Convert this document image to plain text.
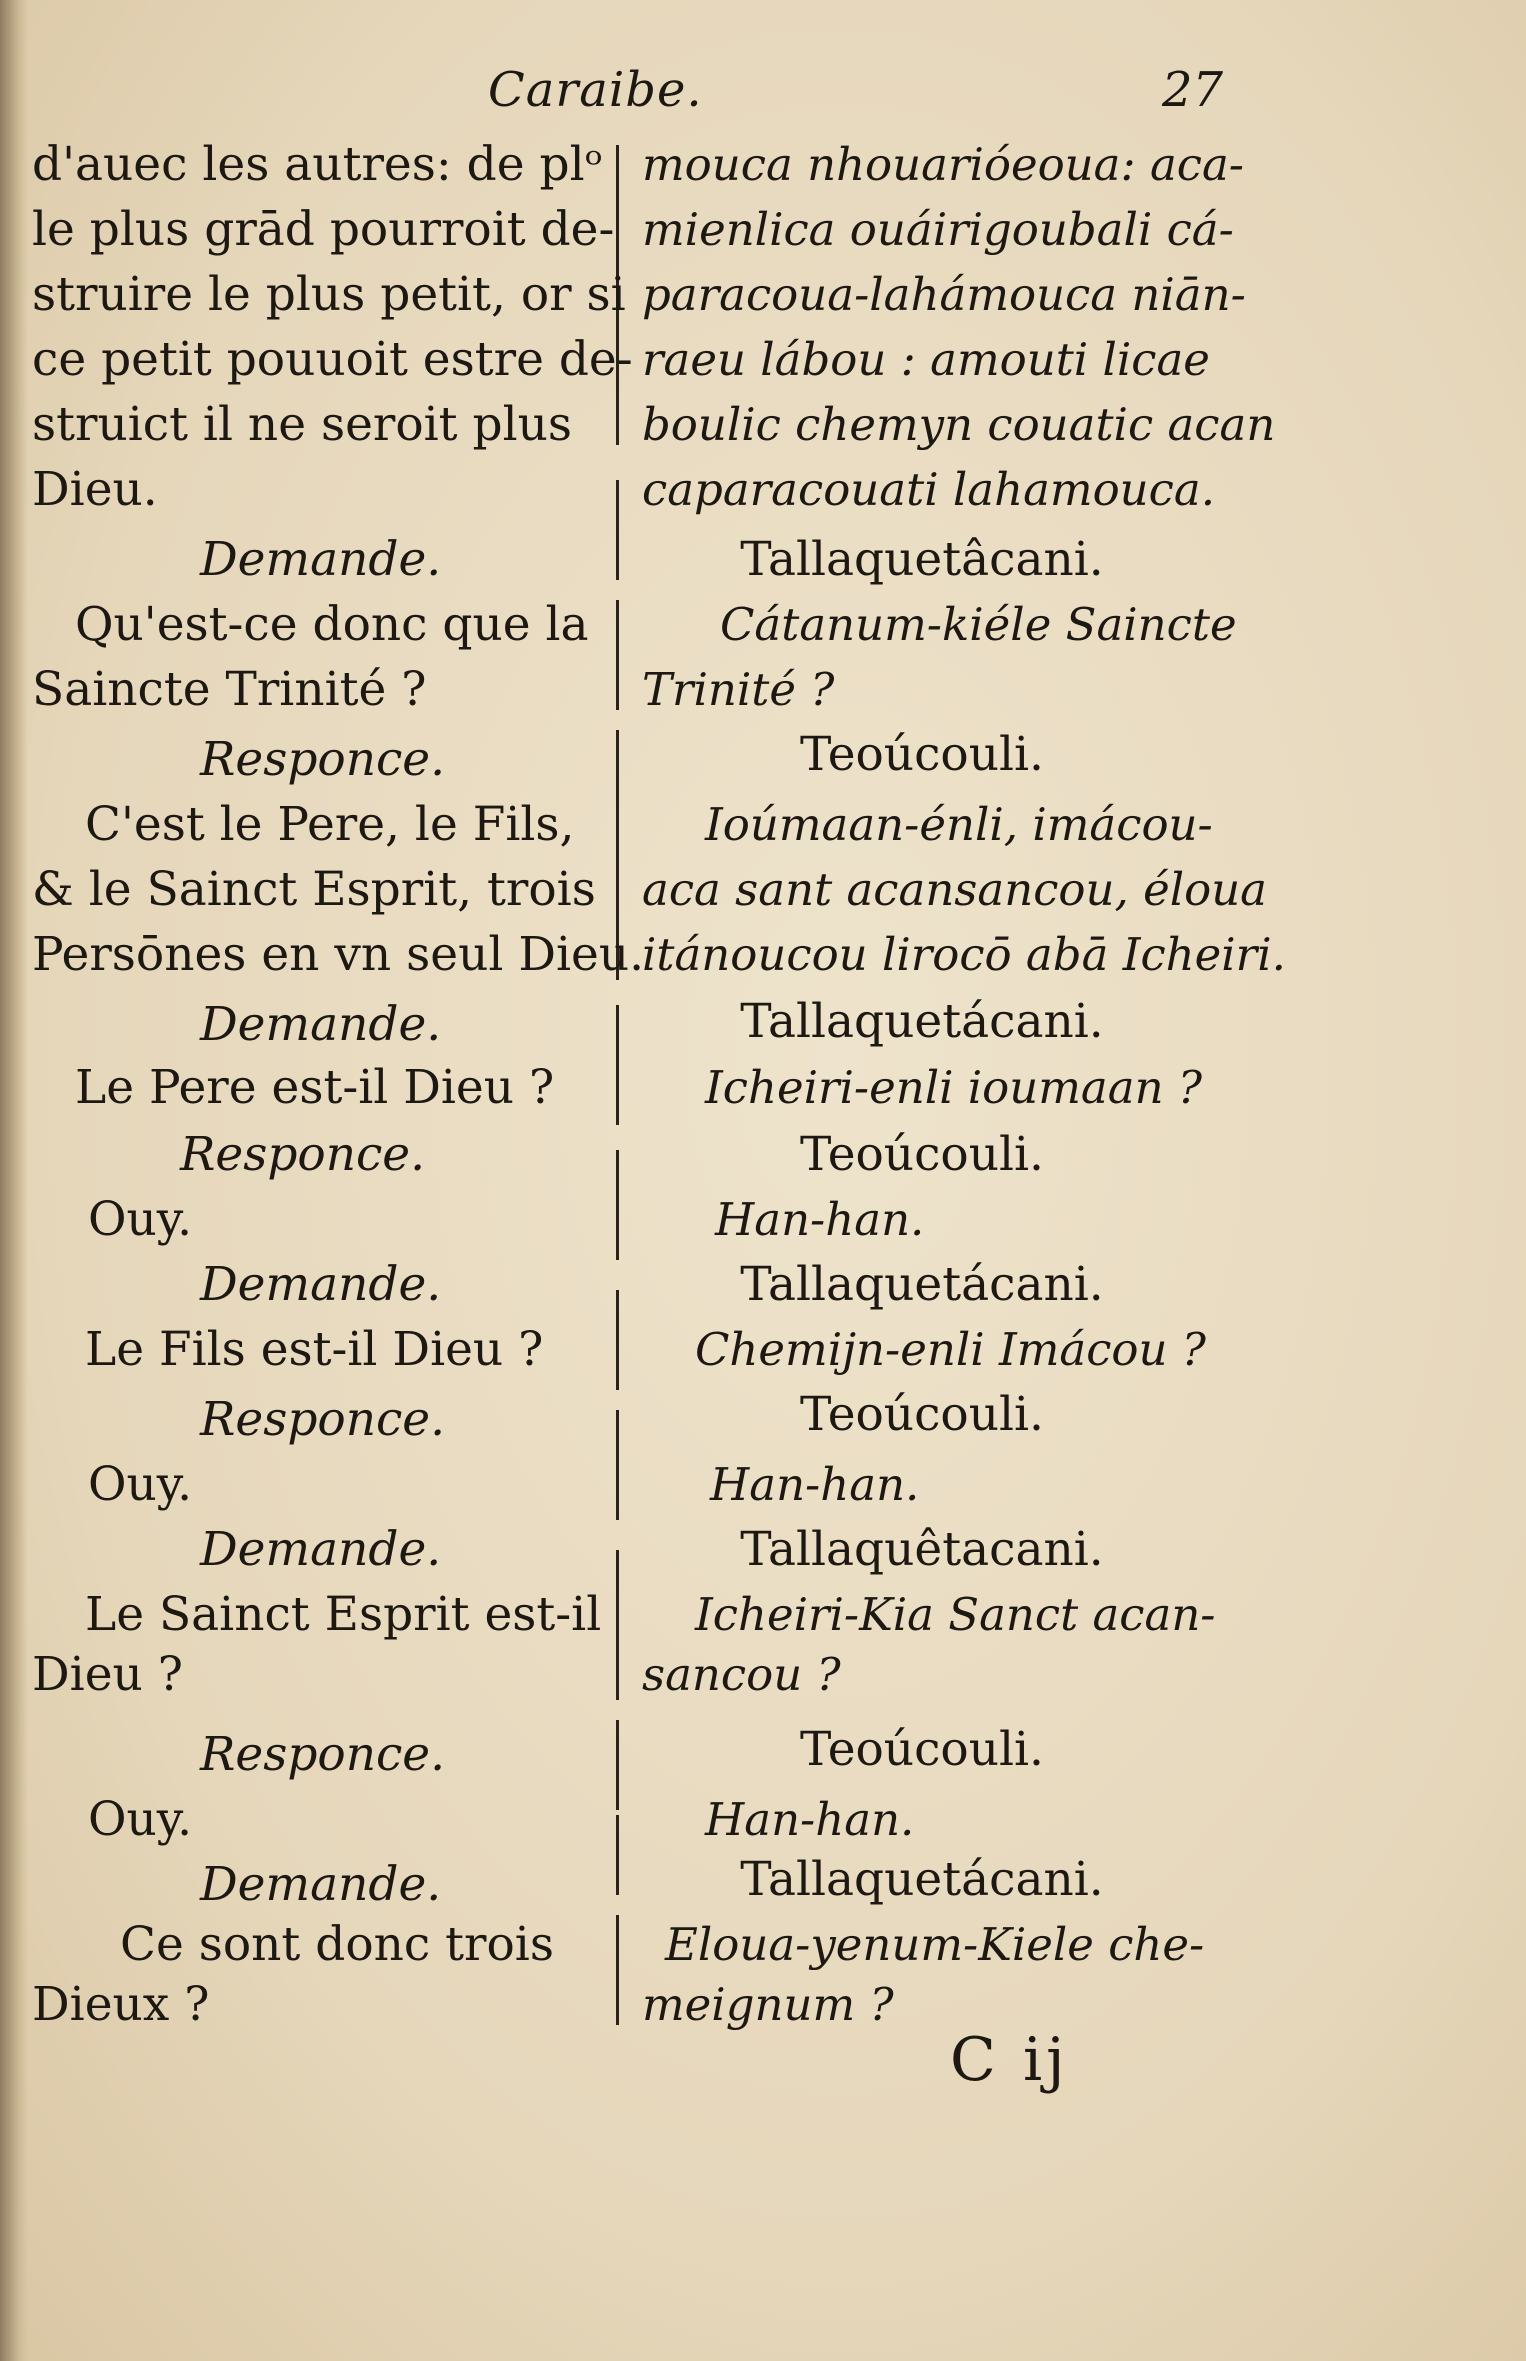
Caraibe.	27
d'auec les autres: de plᵒ
le plus grād pourroit de-
struire le plus petit, or si
ce petit pouuoit estre de-
struict il ne seroit plus
Dieu.
Demande.
Qu'est-ce donc que la
Saincte Trinité ?
Responce.
C'est le Pere, le Fils,
& le Sainct Esprit, trois
Persōnes en vn seul Dieu.
Demande.
Le Pere est-il Dieu ?
Responce.
Ouy.
Demande.
Le Fils est-il Dieu ?
Responce.
Ouy.
Demande.
Le Sainct Esprit est-il
Dieu ?
Responce.
Ouy.
Demande.
Ce sont donc trois
Dieux ?
mouca nhouarióeoua: aca-
mienlica ouáirigoubali cá-
paracoua-lahámouca niān-
raeu lábou : amouti licae
boulic chemyn couatic acan
caparacouati lahamouca.
Tallaquetâcani.
Cátanum-kiéle Saincte
Trinité ?
Teoúcouli.
Ioúmaan-énli, imácou-
aca sant acansancou, éloua
itánoucou lirocō abā Icheiri.
Tallaquetácani.
Icheiri-enli ioumaan ?
Teoúcouli.
Han-han.
Tallaquetácani.
Chemijn-enli Imácou ?
Teoúcouli.
Han-han.
Tallaquêtacani.
Icheiri-Kia Sanct acan-
sancou ?
Teoúcouli.
Han-han.
Tallaquetácani.
Eloua-yenum-Kiele che-
meignum ?
C ij
